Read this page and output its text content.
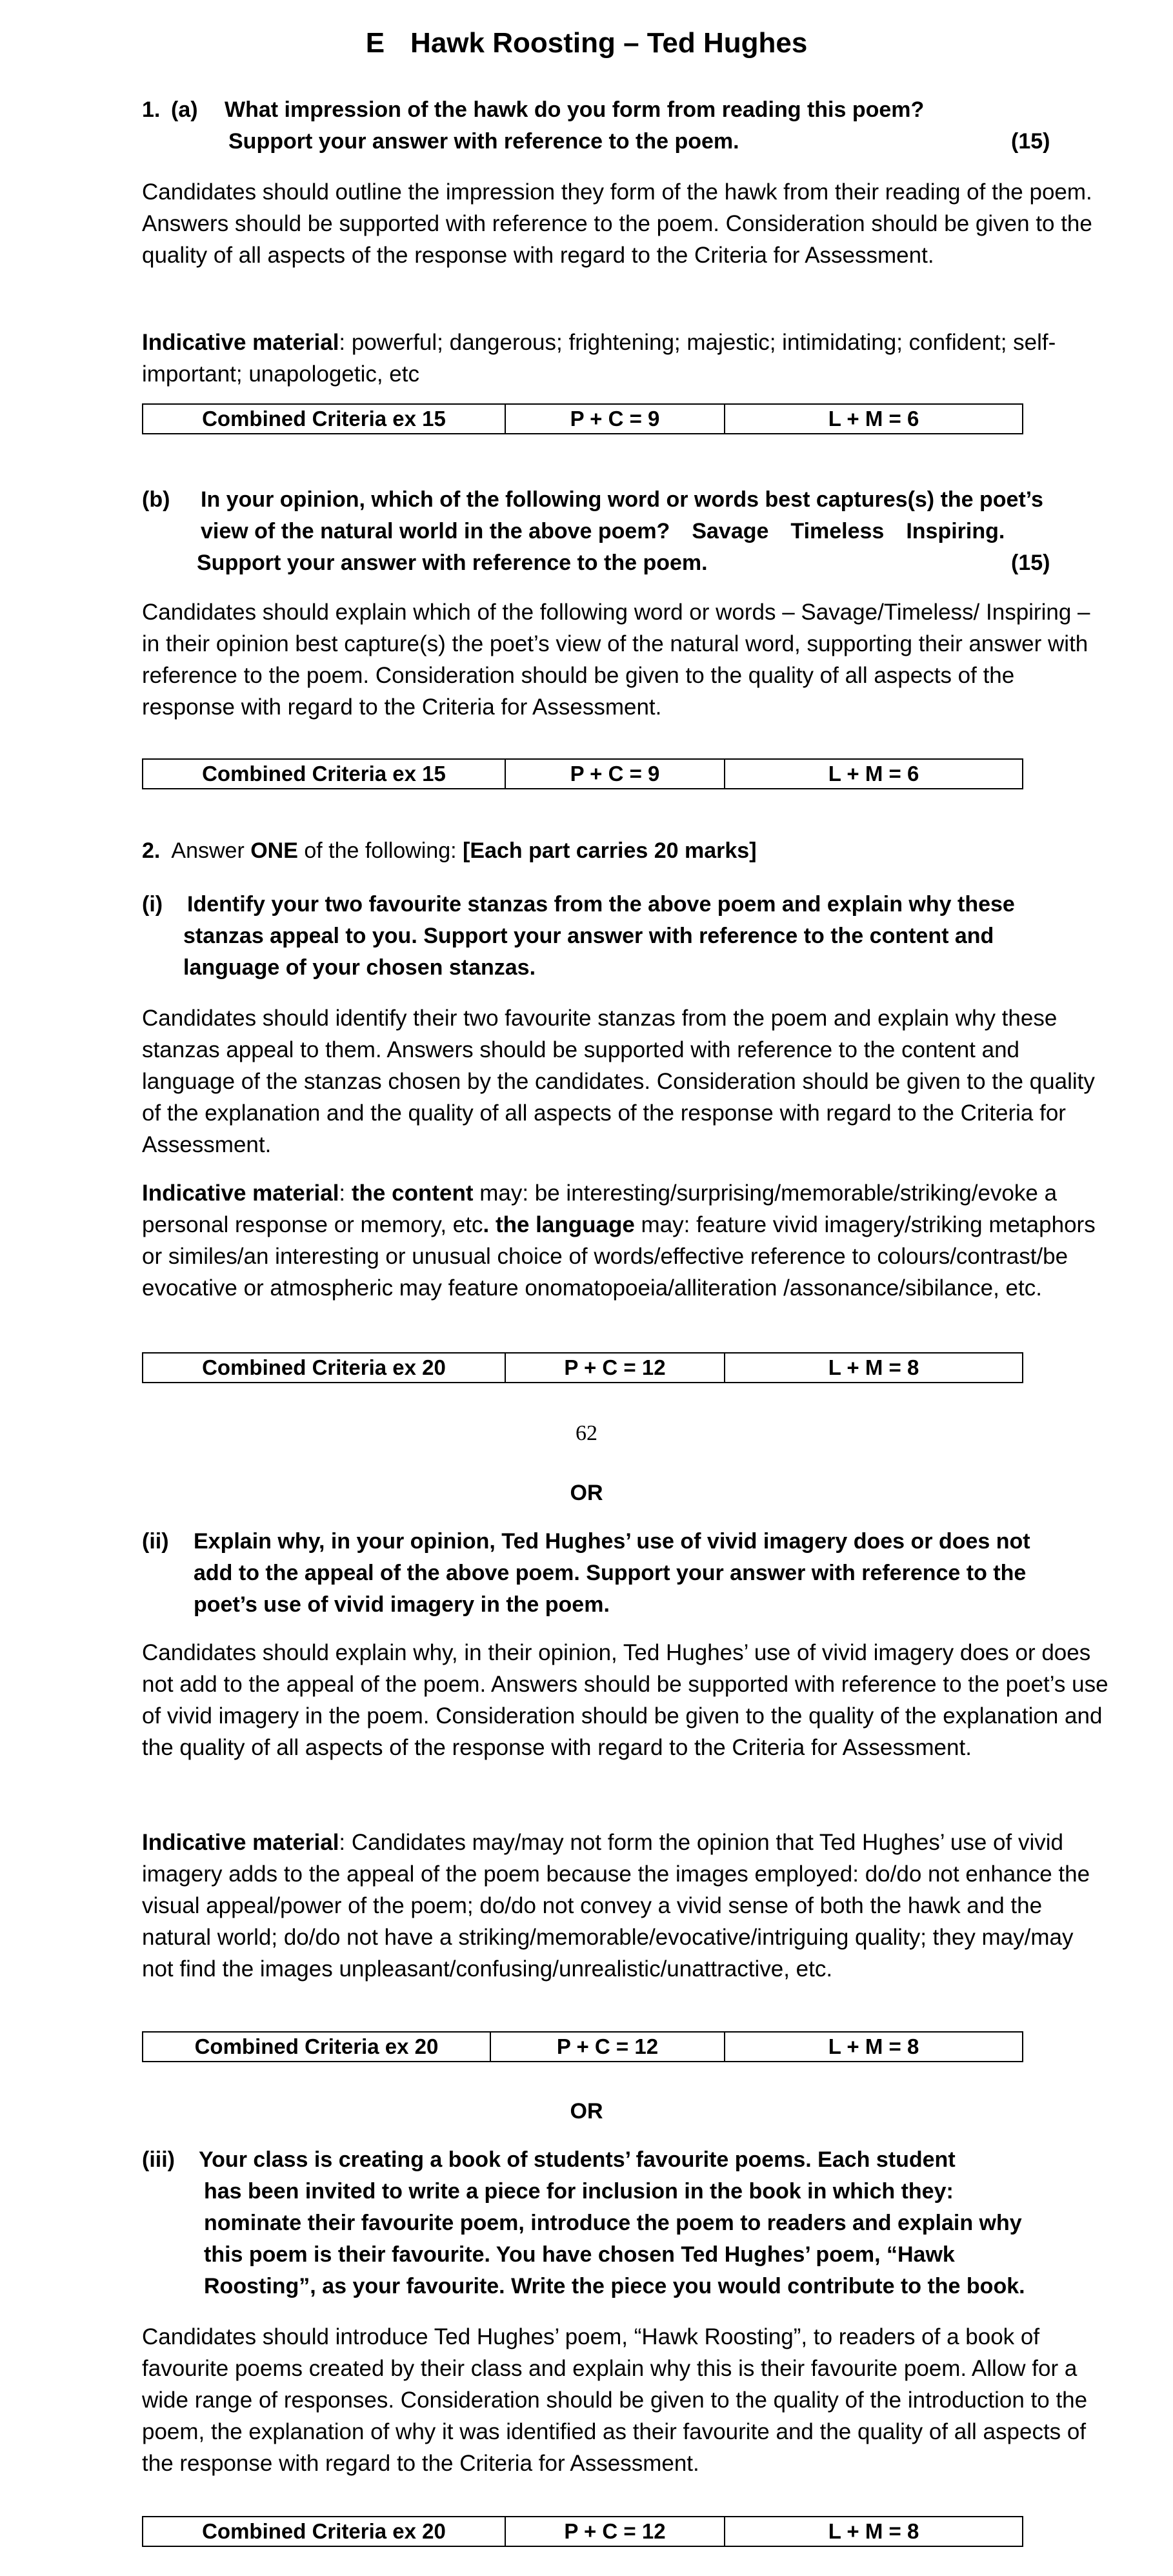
E Hawk Roosting – Ted Hughes
1. (a) What impression of the hawk do you form from reading this poem?
Support your answer with reference to the poem.	(15)

Candidates should outline the impression they form of the hawk from their reading of the poem. Answers should be supported with reference to the poem. Consideration should be given to the quality of all aspects of the response with regard to the Criteria for Assessment.

Indicative material: powerful; dangerous; frightening; majestic; intimidating; confident; self-important; unapologetic, etc

Combined Criteria ex 15	P + C = 9	L + M = 6
(b) In your opinion, which of the following word or words best captures(s) the poet’s
view of the natural world in the above poem? Savage Timeless Inspiring.
Support your answer with reference to the poem.	(15)

Candidates should explain which of the following word or words – Savage/Timeless/ Inspiring – in their opinion best capture(s) the poet’s view of the natural word, supporting their answer with reference to the poem. Consideration should be given to the quality of all aspects of the response with regard to the Criteria for Assessment.

Combined Criteria ex 15	P + C = 9	L + M = 6
2. Answer ONE of the following: [Each part carries 20 marks]
(i) Identify your two favourite stanzas from the above poem and explain why these
stanzas appeal to you. Support your answer with reference to the content and
language of your chosen stanzas.

Candidates should identify their two favourite stanzas from the poem and explain why these stanzas appeal to them. Answers should be supported with reference to the content and language of the stanzas chosen by the candidates. Consideration should be given to the quality of the explanation and the quality of all aspects of the response with regard to the Criteria for Assessment.

Indicative material: the content may: be interesting/surprising/memorable/striking/evoke a personal response or memory, etc. the language may: feature vivid imagery/striking metaphors or similes/an interesting or unusual choice of words/effective reference to colours/contrast/be evocative or atmospheric may feature onomatopoeia/alliteration /assonance/sibilance, etc.

Combined Criteria ex 20	P + C = 12	L + M = 8
62
OR
(ii) Explain why, in your opinion, Ted Hughes’ use of vivid imagery does or does not
add to the appeal of the above poem. Support your answer with reference to the
poet’s use of vivid imagery in the poem.

Candidates should explain why, in their opinion, Ted Hughes’ use of vivid imagery does or does not add to the appeal of the poem. Answers should be supported with reference to the poet’s use of vivid imagery in the poem. Consideration should be given to the quality of the explanation and the quality of all aspects of the response with regard to the Criteria for Assessment.

Indicative material: Candidates may/may not form the opinion that Ted Hughes’ use of vivid imagery adds to the appeal of the poem because the images employed: do/do not enhance the visual appeal/power of the poem; do/do not convey a vivid sense of both the hawk and the natural world; do/do not have a striking/memorable/evocative/intriguing quality; they may/may not find the images unpleasant/confusing/unrealistic/unattractive, etc.

Combined Criteria ex 20	P + C = 12	L + M = 8
OR
(iii) Your class is creating a book of students’ favourite poems. Each student
has been invited to write a piece for inclusion in the book in which they:
nominate their favourite poem, introduce the poem to readers and explain why
this poem is their favourite. You have chosen Ted Hughes’ poem, “Hawk
Roosting”, as your favourite. Write the piece you would contribute to the book.

Candidates should introduce Ted Hughes’ poem, “Hawk Roosting”, to readers of a book of favourite poems created by their class and explain why this is their favourite poem. Allow for a wide range of responses. Consideration should be given to the quality of the introduction to the poem, the explanation of why it was identified as their favourite and the quality of all aspects of the response with regard to the Criteria for Assessment.

Combined Criteria ex 20	P + C = 12	L + M = 8
